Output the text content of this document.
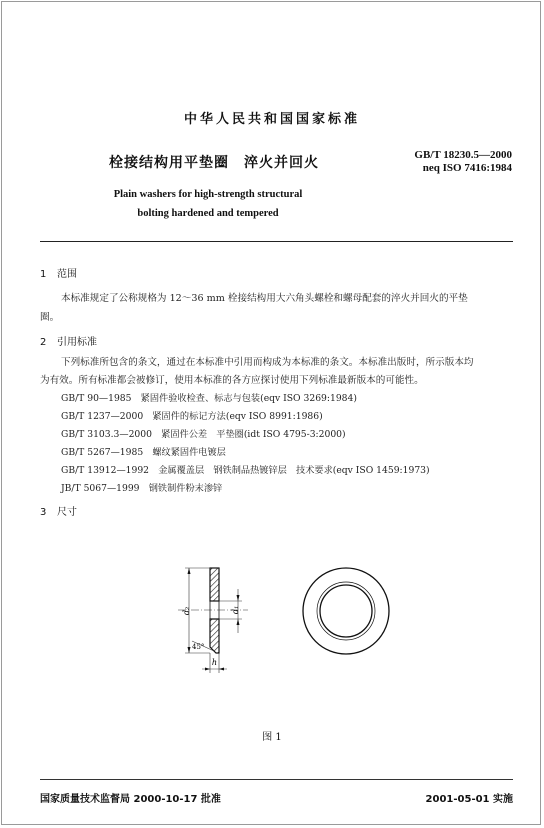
中华人民共和国国家标准
栓接结构用平垫圈　淬火并回火	GB/T 18230.5—2000
neq ISO 7416:1984
Plain washers for high-strength structural
bolting hardened and tempered
1 范围
本标准规定了公称规格为 12～36 mm 栓接结构用大六角头螺栓和螺母配套的淬火并回火的平垫
圈。
2 引用标准
下列标准所包含的条文，通过在本标准中引用而构成为本标准的条文。本标准出版时，所示版本均
为有效。所有标准都会被修订，使用本标准的各方应探讨使用下列标准最新版本的可能性。
GB/T 90—1985　紧固件验收检查、标志与包装(eqv ISO 3269:1984)
GB/T 1237—2000　紧固件的标记方法(eqv ISO 8991:1986)
GB/T 3103.3—2000　紧固件公差　平垫圈(idt ISO 4795-3:2000)
GB/T 5267—1985　螺纹紧固件电镀层
GB/T 13912—1992　金属覆盖层　钢铁制品热镀锌层　技术要求(eqv ISO 1459:1973)
JB/T 5067—1999　钢铁制件粉末渗锌
3 尺寸
d₂	d₁
45°
h
图 1
国家质量技术监督局 2000-10-17 批准	2001-05-01 实施
